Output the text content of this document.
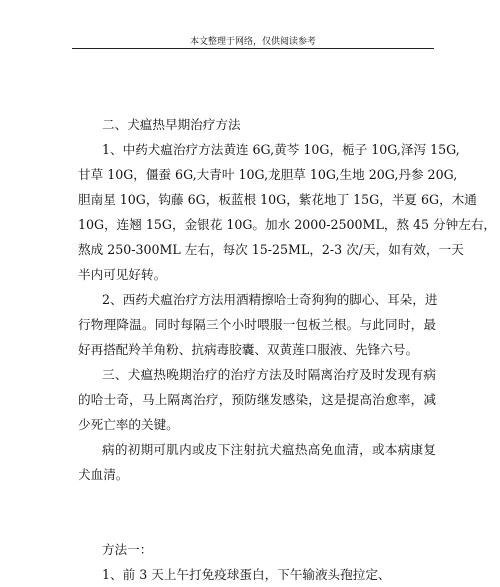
本文整理于网络，仅供阅读参考
二、犬瘟热早期治疗方法
1、中药犬瘟治疗方法黄连 6G,黄芩 10G，栀子 10G,泽泻 15G,
甘草 10G，僵蚕 6G,大青叶 10G,龙胆草 10G,生地 20G,丹参 20G,
胆南星 10G，钩藤 6G，板蓝根 10G，紫花地丁 15G，半夏 6G，木通
10G，连翘 15G，金银花 10G。加水 2000-2500ML，熬 45 分钟左右，
熬成 250-300ML 左右，每次 15-25ML，2-3 次/天，如有效，一天
半内可见好转。
2、西药犬瘟治疗方法用酒精擦哈士奇狗狗的脚心、耳朵，进
行物理降温。同时每隔三个小时喂服一包板兰根。与此同时，最
好再搭配羚羊角粉、抗病毒胶囊、双黄莲口服液、先锋六号。
三、犬瘟热晚期治疗的治疗方法及时隔离治疗及时发现有病
的哈士奇，马上隔离治疗，预防继发感染，这是提高治愈率，减
少死亡率的关键。
病的初期可肌内或皮下注射抗犬瘟热高免血清，或本病康复
犬血清。
方法一：
1、前 3 天上午打免疫球蛋白，下午输液头孢拉定、
